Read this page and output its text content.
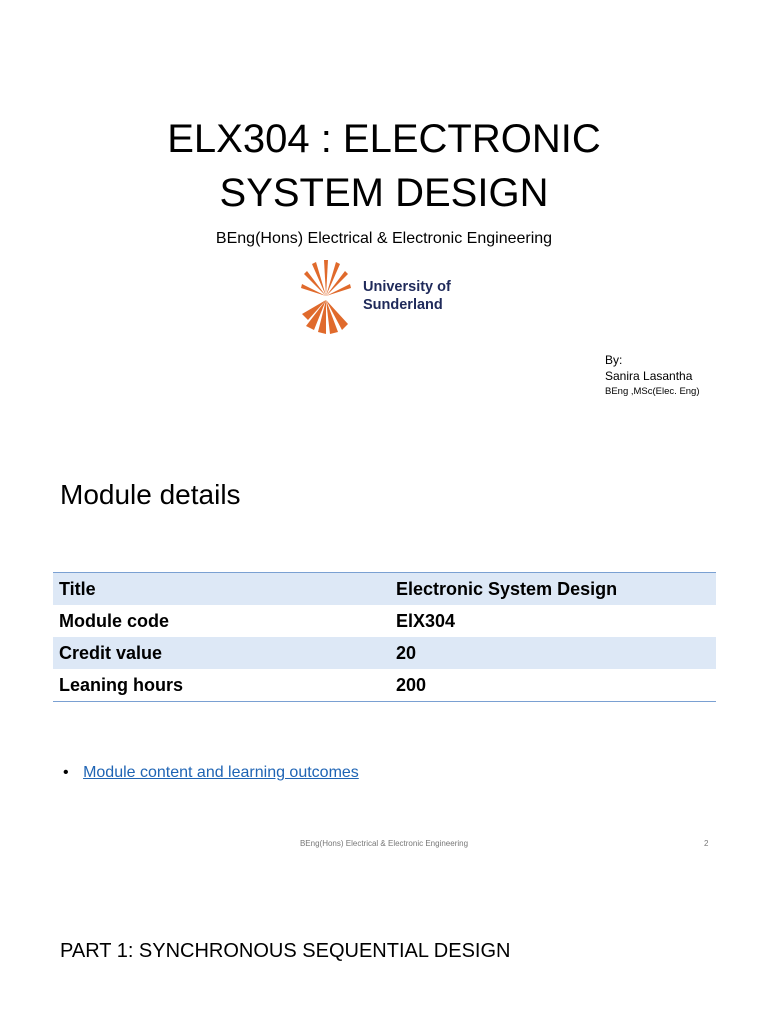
ELX304 : ELECTRONIC
SYSTEM DESIGN
BEng(Hons) Electrical & Electronic Engineering
University of
Sunderland
By:
Sanira Lasantha
BEng ,MSc(Elec. Eng)
Module details
Title	Electronic System Design
Module code	ElX304
Credit value	20
Leaning hours	200
• Module content and learning outcomes
BEng(Hons) Electrical & Electronic Engineering	2
PART 1: SYNCHRONOUS SEQUENTIAL DESIGN
